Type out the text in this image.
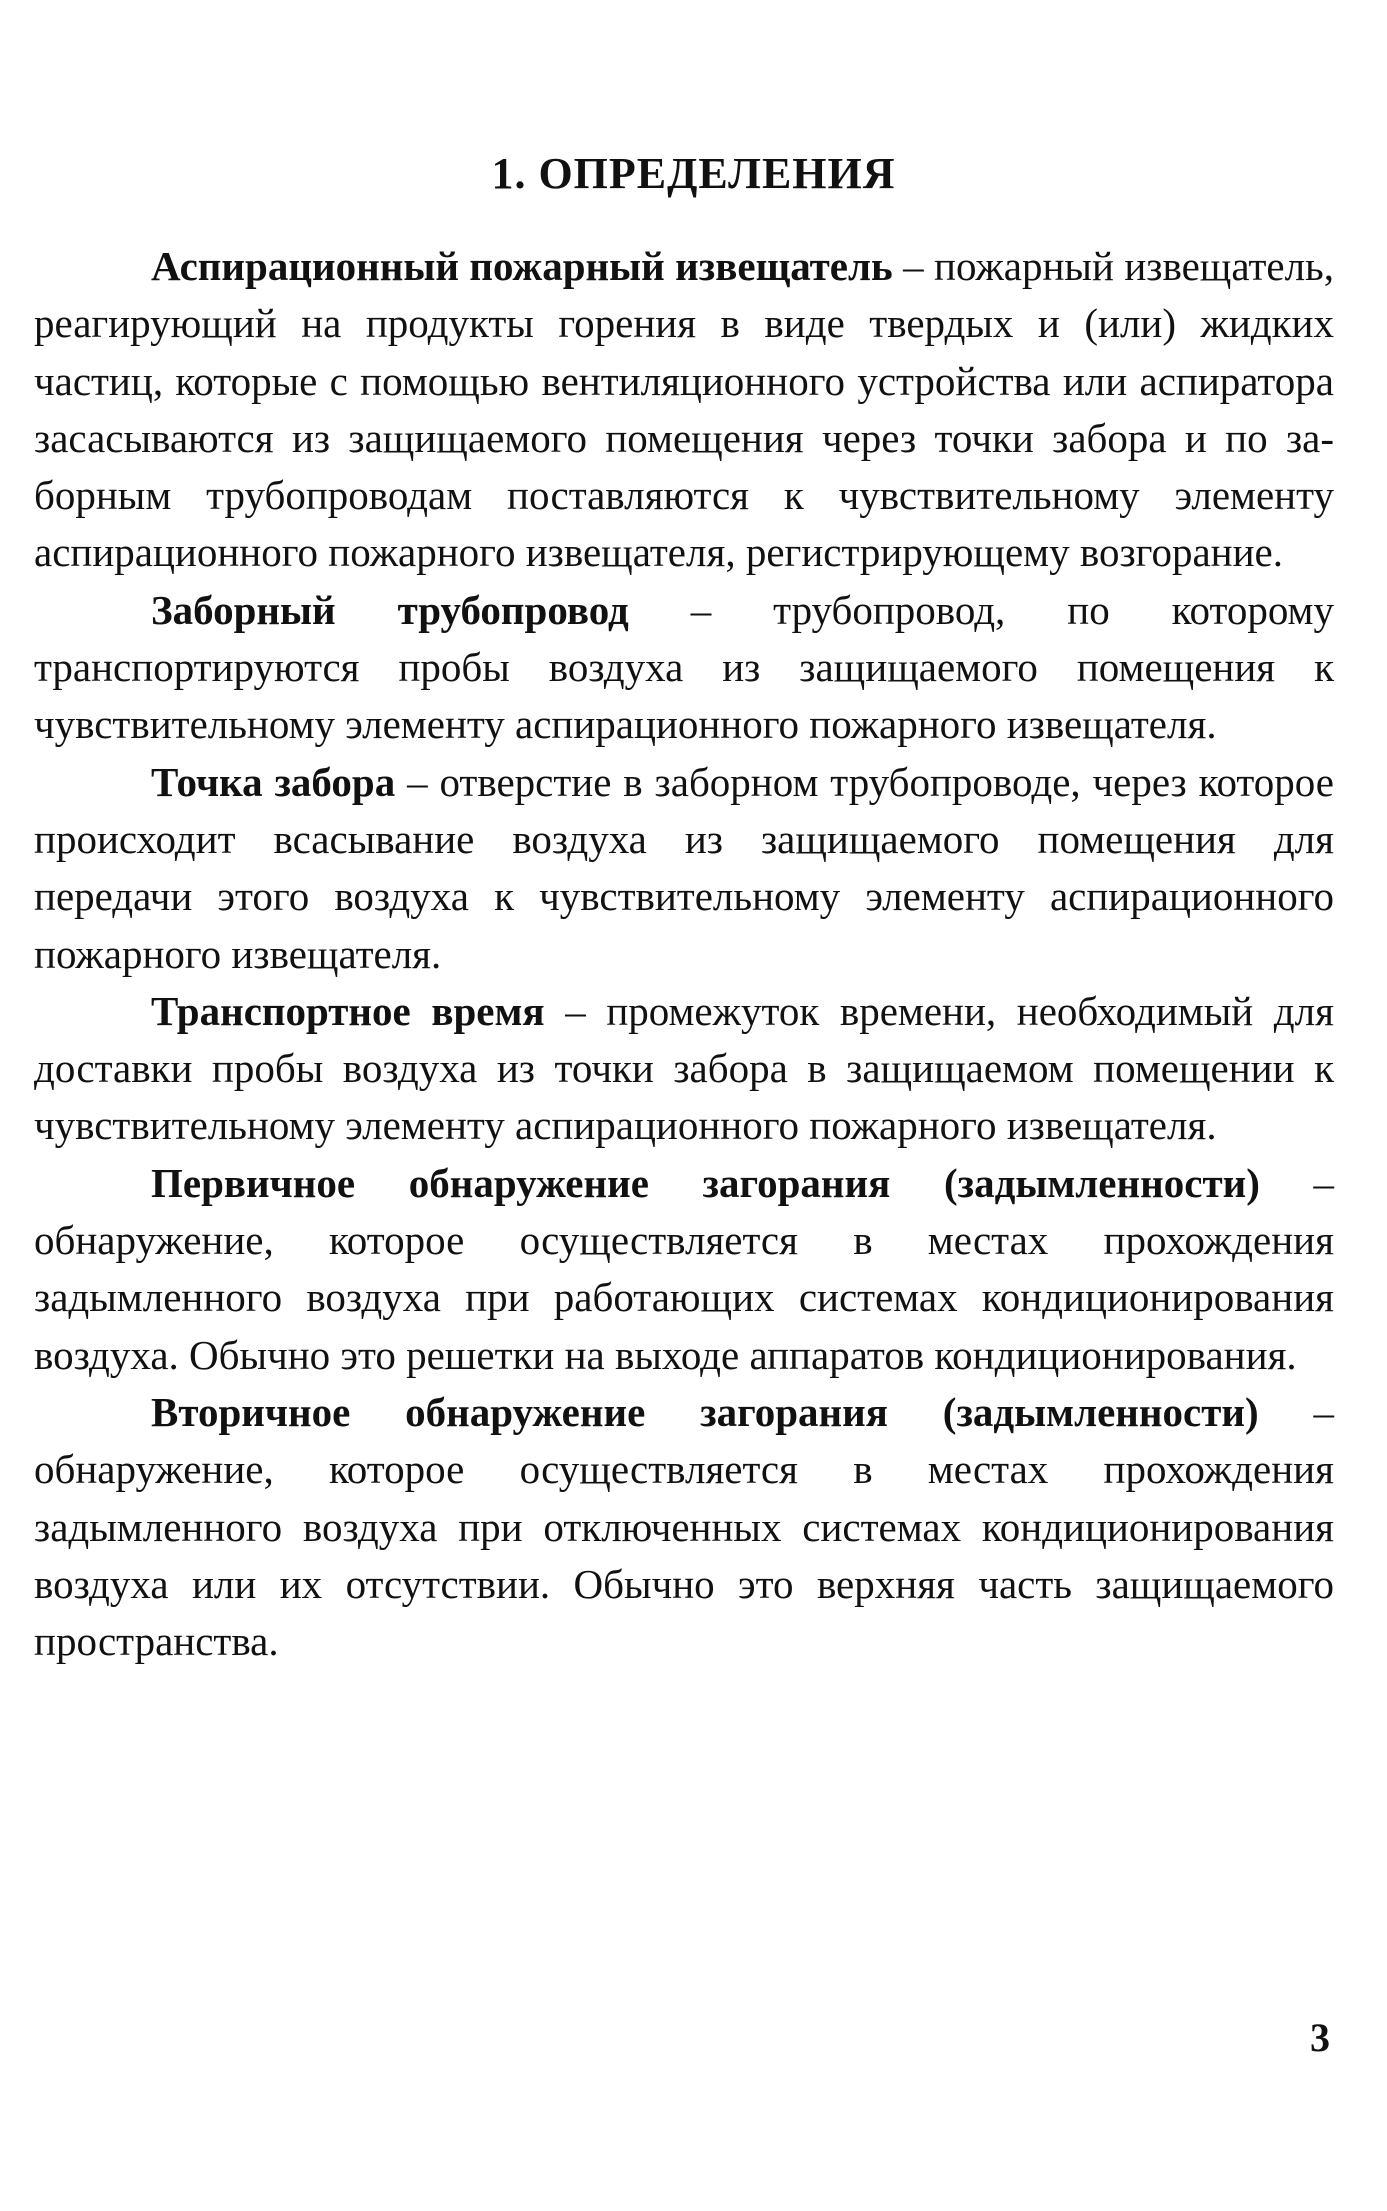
1. ОПРЕДЕЛЕНИЯ

Аспирационный пожарный извещатель – пожарный извещатель, реагирующий на продукты горения в виде твердых и (или) жидких частиц, которые с помощью вентиляционного устройства или аспиратора засасываются из защищаемого помещения через точки забора и по заборным трубопроводам поставляются к чувствительному элементу аспирационного пожарного извещателя, регистрирующему возгорание.

Заборный трубопровод – трубопровод, по которому транспортируются пробы воздуха из защищаемого помещения к чувствительному элементу аспирационного пожарного извещателя.

Точка забора – отверстие в заборном трубопроводе, через которое происходит всасывание воздуха из защищаемого помещения для передачи этого воздуха к чувствительному элементу аспирационного пожарного извещателя.

Транспортное время – промежуток времени, необходимый для доставки пробы воздуха из точки забора в защищаемом помещении к чувствительному элементу аспирационного пожарного извещателя.

Первичное обнаружение загорания (задымленности) – обнаружение, которое осуществляется в местах прохождения задымленного воздуха при работающих системах кондиционирования воздуха. Обычно это решетки на выходе аппаратов кондиционирования.

Вторичное обнаружение загорания (задымленности) – обнаружение, которое осуществляется в местах прохождения задымленного воздуха при отключенных системах кондиционирования воздуха или их отсутствии. Обычно это верхняя часть защищаемого пространства.

3
